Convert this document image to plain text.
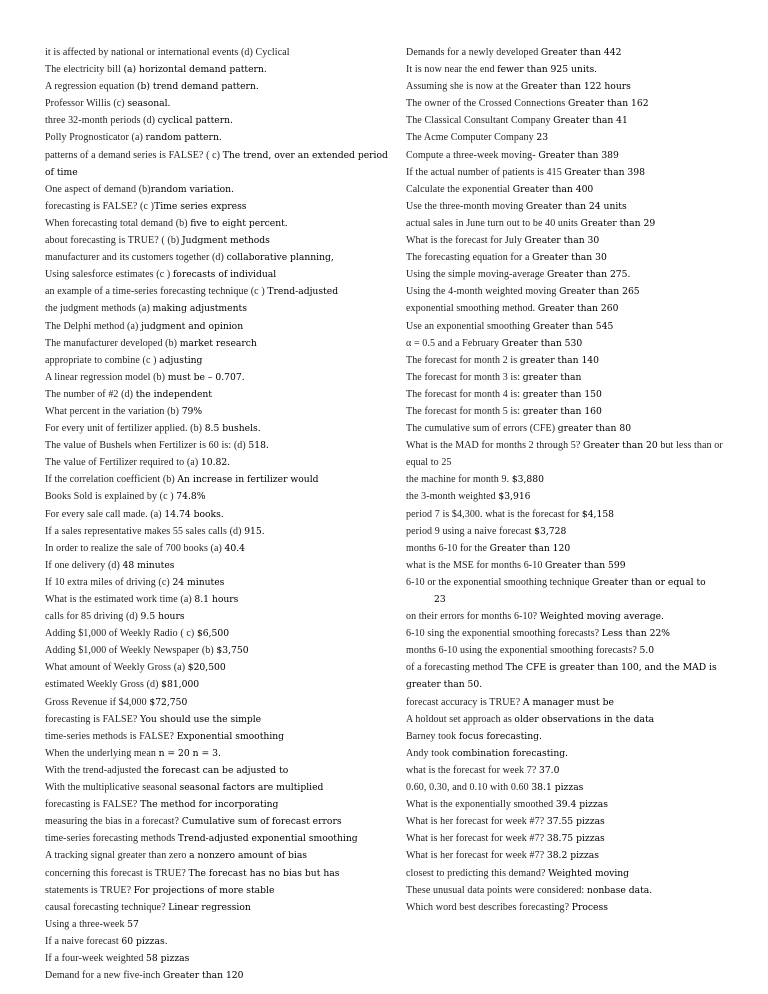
it is affected by national or international events (d) Cyclical
The electricity bill (a) horizontal demand pattern.
A regression equation (b) trend demand pattern.
Professor Willis (c) seasonal.
three 32-month periods (d) cyclical pattern.
Polly Prognosticator (a) random pattern.
patterns of a demand series is FALSE? ( c) The trend, over an extended period of time
One aspect of demand (b)random variation.
forecasting is FALSE? (c )Time series express
When forecasting total demand (b) five to eight percent.
about forecasting is TRUE? ( (b) Judgment methods
manufacturer and its customers together (d) collaborative planning,
Using salesforce estimates (c ) forecasts of individual
an example of a time-series forecasting technique (c ) Trend-adjusted
the judgment methods (a) making adjustments
The Delphi method (a) judgment and opinion
The manufacturer developed (b) market research
appropriate to combine (c ) adjusting
A linear regression model (b) must be – 0.707.
The number of #2 (d) the independent
What percent in the variation (b) 79%
For every unit of fertilizer applied. (b) 8.5 bushels.
The value of Bushels when Fertilizer is 60 is: (d) 518.
The value of Fertilizer required to (a) 10.82.
If the correlation coefficient (b) An increase in fertilizer would
Books Sold is explained by (c ) 74.8%
For every sale call made. (a) 14.74 books.
If a sales representative makes 55 sales calls (d) 915.
In order to realize the sale of 700 books (a) 40.4
If one delivery (d) 48 minutes
If 10 extra miles of driving (c) 24 minutes
What is the estimated work time (a) 8.1 hours
calls for 85 driving (d) 9.5 hours
Adding $1,000 of Weekly Radio ( c) $6,500
Adding $1,000 of Weekly Newspaper (b) $3,750
What amount of Weekly Gross (a) $20,500
estimated Weekly Gross (d) $81,000
Gross Revenue if $4,000 $72,750
forecasting is FALSE? You should use the simple
time-series methods is FALSE? Exponential smoothing
When the underlying mean n = 20 n = 3.
With the trend-adjusted the forecast can be adjusted to
With the multiplicative seasonal seasonal factors are multiplied
forecasting is FALSE? The method for incorporating
measuring the bias in a forecast? Cumulative sum of forecast errors
time-series forecasting methods Trend-adjusted exponential smoothing
A tracking signal greater than zero a nonzero amount of bias
concerning this forecast is TRUE? The forecast has no bias but has
statements is TRUE? For projections of more stable
causal forecasting technique? Linear regression
Using a three-week 57
If a naive forecast 60 pizzas.
If a four-week weighted 58 pizzas
Demand for a new five-inch Greater than 120
Demands for a newly developed Greater than 442
It is now near the end fewer than 925 units.
Assuming she is now at the Greater than 122 hours
The owner of the Crossed Connections Greater than 162
The Classical Consultant Company Greater than 41
The Acme Computer Company 23
Compute a three-week moving- Greater than 389
If the actual number of patients is 415 Greater than 398
Calculate the exponential Greater than 400
Use the three-month moving Greater than 24 units
actual sales in June turn out to be 40 units Greater than 29
What is the forecast for July Greater than 30
The forecasting equation for a Greater than 30
Using the simple moving-average Greater than 275.
Using the 4-month weighted moving Greater than 265
exponential smoothing method. Greater than 260
Use an exponential smoothing Greater than 545
α = 0.5 and a February Greater than 530
The forecast for month 2 is greater than 140
The forecast for month 3 is: greater than
The forecast for month 4 is: greater than 150
The forecast for month 5 is: greater than 160
The cumulative sum of errors (CFE) greater than 80
What is the MAD for months 2 through 5? Greater than 20 but less than or equal to 25
the machine for month 9. $3,880
the 3-month weighted $3,916
period 7 is $4,300. what is the forecast for $4,158
period 9 using a naive forecast $3,728
months 6-10 for the Greater than 120
what is the MSE for months 6-10 Greater than 599
6-10 or the exponential smoothing technique Greater than or equal to
23
on their errors for months 6-10? Weighted moving average.
6-10 sing the exponential smoothing forecasts? Less than 22%
months 6-10 using the exponential smoothing forecasts? 5.0
of a forecasting method The CFE is greater than 100, and the MAD is greater than 50.
forecast accuracy is TRUE? A manager must be
A holdout set approach as older observations in the data
Barney took focus forecasting.
Andy took combination forecasting.
what is the forecast for week 7? 37.0
0.60, 0.30, and 0.10 with 0.60 38.1 pizzas
What is the exponentially smoothed 39.4 pizzas
What is her forecast for week #7? 37.55 pizzas
What is her forecast for week #7? 38.75 pizzas
What is her forecast for week #7? 38.2 pizzas
closest to predicting this demand? Weighted moving
These unusual data points were considered: nonbase data.
Which word best describes forecasting? Process
